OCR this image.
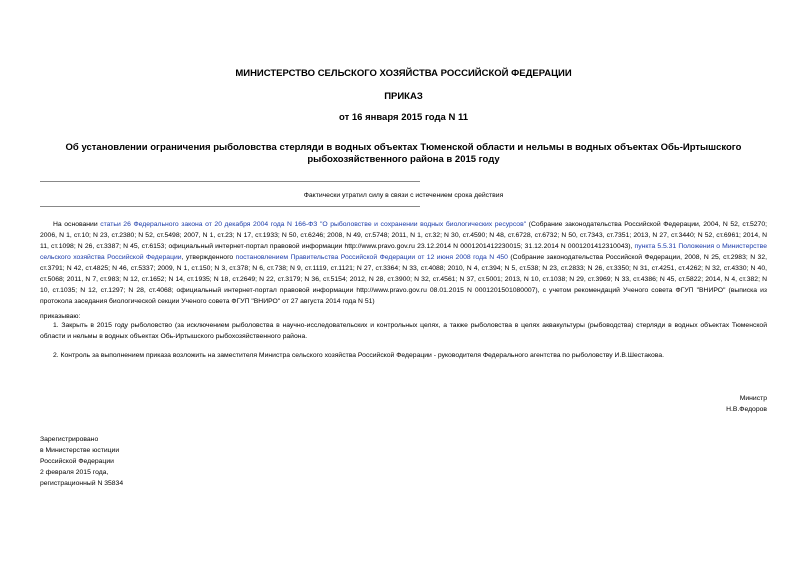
МИНИСТЕРСТВО СЕЛЬСКОГО ХОЗЯЙСТВА РОССИЙСКОЙ ФЕДЕРАЦИИ
ПРИКАЗ
от 16 января 2015 года N 11
Об установлении ограничения рыболовства стерляди в водных объектах Тюменской области и нельмы в водных объектах Обь-Иртышского рыбохозяйственного района в 2015 году
Фактически утратил силу в связи с истечением срока действия
На основании статьи 26 Федерального закона от 20 декабря 2004 года N 166-ФЗ "О рыболовстве и сохранении водных биологических ресурсов" (Собрание законодательства Российской Федерации, 2004, N 52, ст.5270; 2006, N 1, ст.10; N 23, ст.2380; N 52, ст.5498; 2007, N 1, ст.23; N 17, ст.1933; N 50, ст.6246; 2008, N 49, ст.5748; 2011, N 1, ст.32; N 30, ст.4590; N 48, ст.6728, ст.6732; N 50, ст.7343, ст.7351; 2013, N 27, ст.3440; N 52, ст.6961; 2014, N 11, ст.1098; N 26, ст.3387; N 45, ст.6153; официальный интернет-портал правовой информации http://www.pravo.gov.ru 23.12.2014 N 0001201412230015; 31.12.2014 N 0001201412310043), пункта 5.5.31 Положения о Министерстве сельского хозяйства Российской Федерации, утвержденного постановлением Правительства Российской Федерации от 12 июня 2008 года N 450 (Собрание законодательства Российской Федерации, 2008, N 25, ст.2983; N 32, ст.3791; N 42, ст.4825; N 46, ст.5337; 2009, N 1, ст.150; N 3, ст.378; N 6, ст.738; N 9, ст.1119, ст.1121; N 27, ст.3364; N 33, ст.4088; 2010, N 4, ст.394; N 5, ст.538; N 23, ст.2833; N 26, ст.3350; N 31, ст.4251, ст.4262; N 32, ст.4330; N 40, ст.5068; 2011, N 7, ст.983; N 12, ст.1652; N 14, ст.1935; N 18, ст.2649; N 22, ст.3179; N 36, ст.5154; 2012, N 28, ст.3900; N 32, ст.4561; N 37, ст.5001; 2013, N 10, ст.1038; N 29, ст.3969; N 33, ст.4386; N 45, ст.5822; 2014, N 4, ст.382; N 10, ст.1035; N 12, ст.1297; N 28, ст.4068; официальный интернет-портал правовой информации http://www.pravo.gov.ru 08.01.2015 N 0001201501080007), с учетом рекомендаций Ученого совета ФГУП "ВНИРО" (выписка из протокола заседания биологической секции Ученого совета ФГУП "ВНИРО" от 27 августа 2014 года N 51)
приказываю:
1. Закрыть в 2015 году рыболовство (за исключением рыболовства в научно-исследовательских и контрольных целях, а также рыболовства в целях аквакультуры (рыбоводства) стерляди в водных объектах Тюменской области и нельмы в водных объектах Обь-Иртышского рыбохозяйственного района.
2. Контроль за выполнением приказа возложить на заместителя Министра сельского хозяйства Российской Федерации - руководителя Федерального агентства по рыболовству И.В.Шестакова.
Министр
Н.В.Федоров
Зарегистрировано
в Министерстве юстиции
Российской Федерации
2 февраля 2015 года,
регистрационный N 35834
